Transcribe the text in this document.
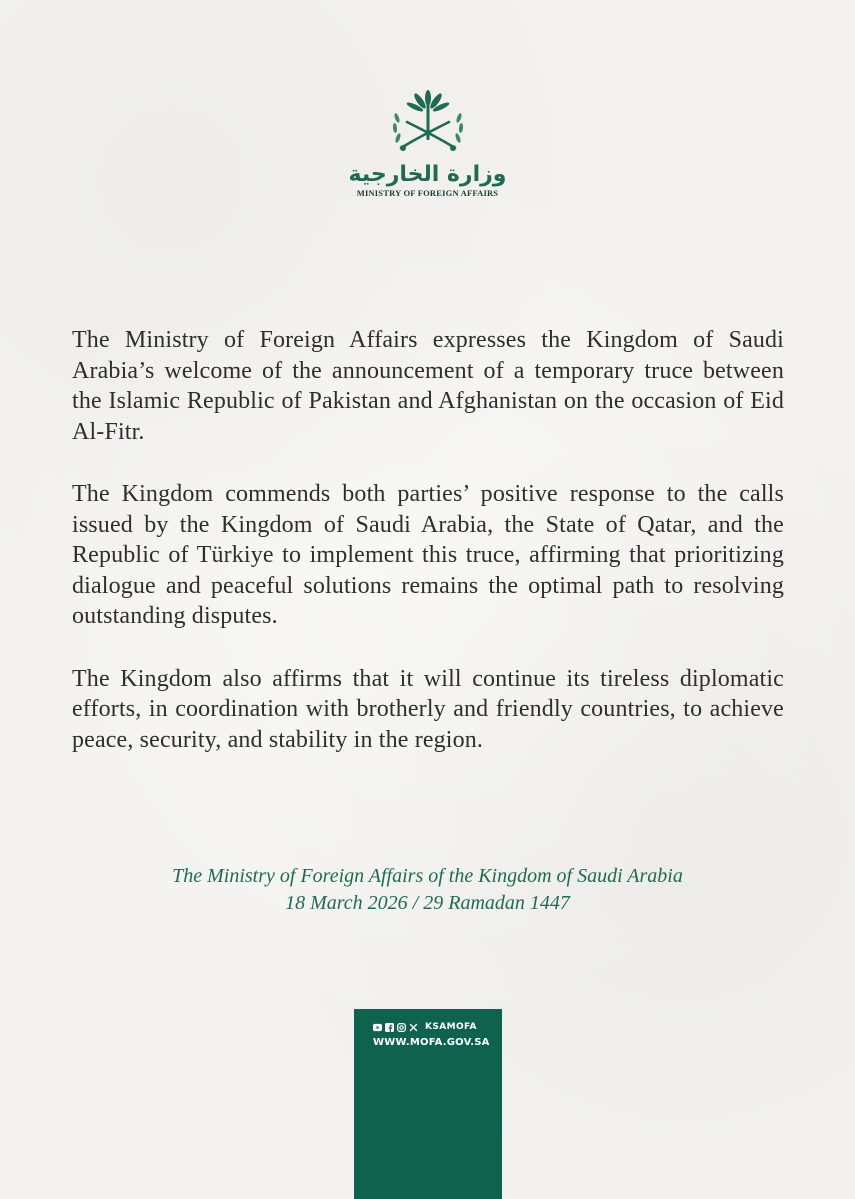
وزارة الخارجية
MINISTRY OF FOREIGN AFFAIRS

The Ministry of Foreign Affairs expresses the Kingdom of Saudi Arabia’s welcome of the announcement of a temporary truce between the Islamic Republic of Pakistan and Afghanistan on the occasion of Eid Al-Fitr.

The Kingdom commends both parties’ positive response to the calls issued by the Kingdom of Saudi Arabia, the State of Qatar, and the Republic of Türkiye to implement this truce, affirming that prioritizing dialogue and peaceful solutions remains the optimal path to resolving outstanding disputes.

The Kingdom also affirms that it will continue its tireless diplomatic efforts, in coordination with brotherly and friendly countries, to achieve peace, security, and stability in the region.

The Ministry of Foreign Affairs of the Kingdom of Saudi Arabia
18 March 2026 / 29 Ramadan 1447
KSAMOFA
WWW.MOFA.GOV.SA
